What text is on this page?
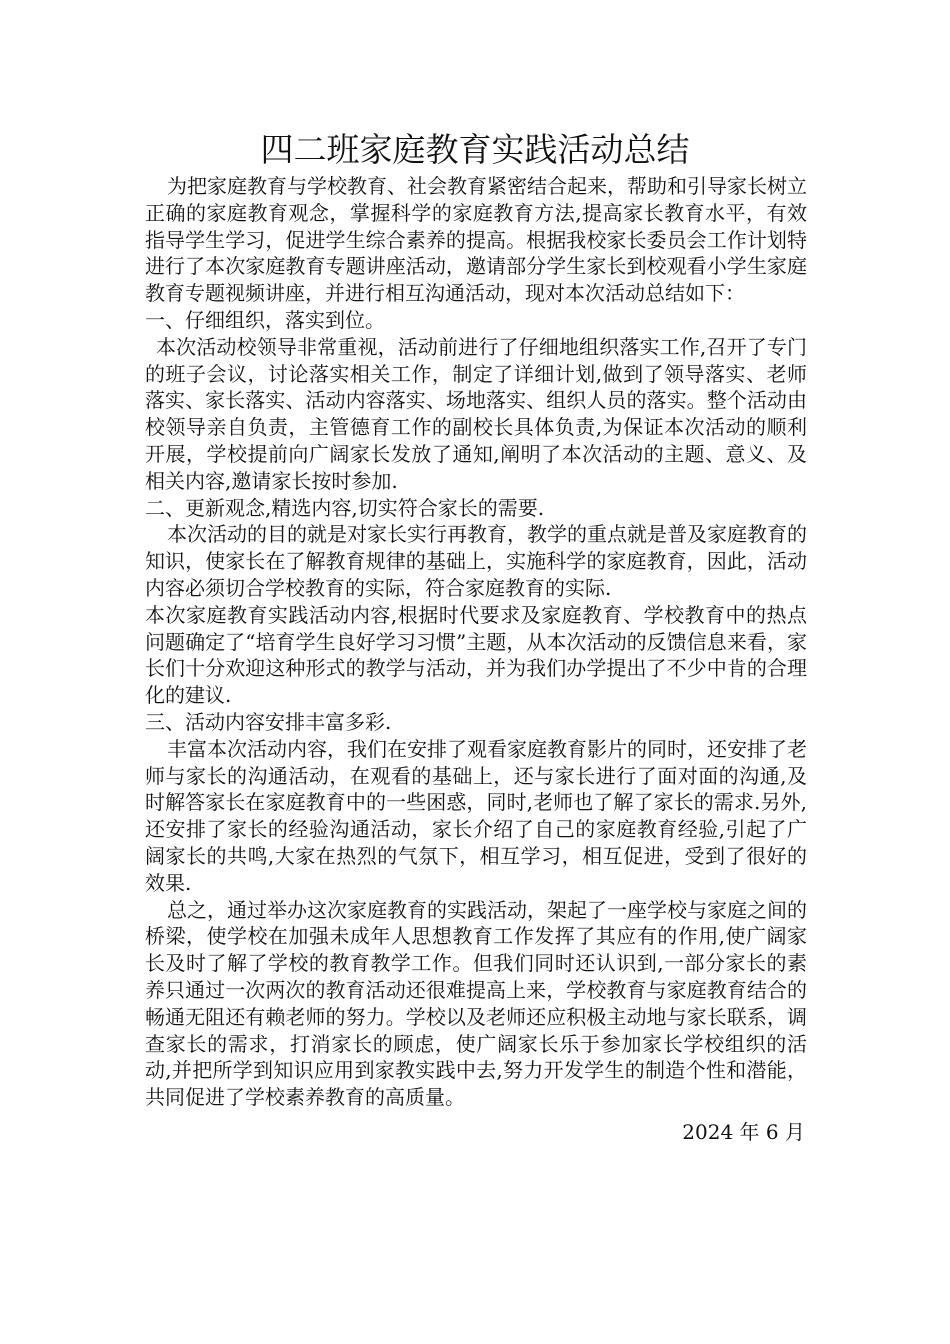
四二班家庭教育实践活动总结

为把家庭教育与学校教育、社会教育紧密结合起来，帮助和引导家长树立正确的家庭教育观念，掌握科学的家庭教育方法,提高家长教育水平，有效指导学生学习，促进学生综合素养的提高。根据我校家长委员会工作计划特进行了本次家庭教育专题讲座活动，邀请部分学生家长到校观看小学生家庭教育专题视频讲座，并进行相互沟通活动，现对本次活动总结如下：

一、仔细组织，落实到位。

本次活动校领导非常重视，活动前进行了仔细地组织落实工作,召开了专门的班子会议，讨论落实相关工作，制定了详细计划,做到了领导落实、老师落实、家长落实、活动内容落实、场地落实、组织人员的落实。整个活动由校领导亲自负责，主管德育工作的副校长具体负责,为保证本次活动的顺利开展，学校提前向广阔家长发放了通知,阐明了本次活动的主题、意义、及相关内容,邀请家长按时参加.

二、更新观念,精选内容,切实符合家长的需要.

本次活动的目的就是对家长实行再教育，教学的重点就是普及家庭教育的知识，使家长在了解教育规律的基础上，实施科学的家庭教育，因此，活动内容必须切合学校教育的实际，符合家庭教育的实际.

本次家庭教育实践活动内容,根据时代要求及家庭教育、学校教育中的热点问题确定了“培育学生良好学习习惯”主题，从本次活动的反馈信息来看，家长们十分欢迎这种形式的教学与活动，并为我们办学提出了不少中肯的合理化的建议.

三、活动内容安排丰富多彩.

丰富本次活动内容，我们在安排了观看家庭教育影片的同时，还安排了老师与家长的沟通活动，在观看的基础上，还与家长进行了面对面的沟通,及时解答家长在家庭教育中的一些困惑，同时,老师也了解了家长的需求.另外,还安排了家长的经验沟通活动，家长介绍了自己的家庭教育经验,引起了广阔家长的共鸣,大家在热烈的气氛下，相互学习，相互促进，受到了很好的效果.

总之，通过举办这次家庭教育的实践活动，架起了一座学校与家庭之间的桥梁，使学校在加强未成年人思想教育工作发挥了其应有的作用,使广阔家长及时了解了学校的教育教学工作。但我们同时还认识到,一部分家长的素养只通过一次两次的教育活动还很难提高上来，学校教育与家庭教育结合的畅通无阻还有赖老师的努力。学校以及老师还应积极主动地与家长联系，调查家长的需求，打消家长的顾虑，使广阔家长乐于参加家长学校组织的活动,并把所学到知识应用到家教实践中去,努力开发学生的制造个性和潜能，共同促进了学校素养教育的高质量。

2024 年 6 月
